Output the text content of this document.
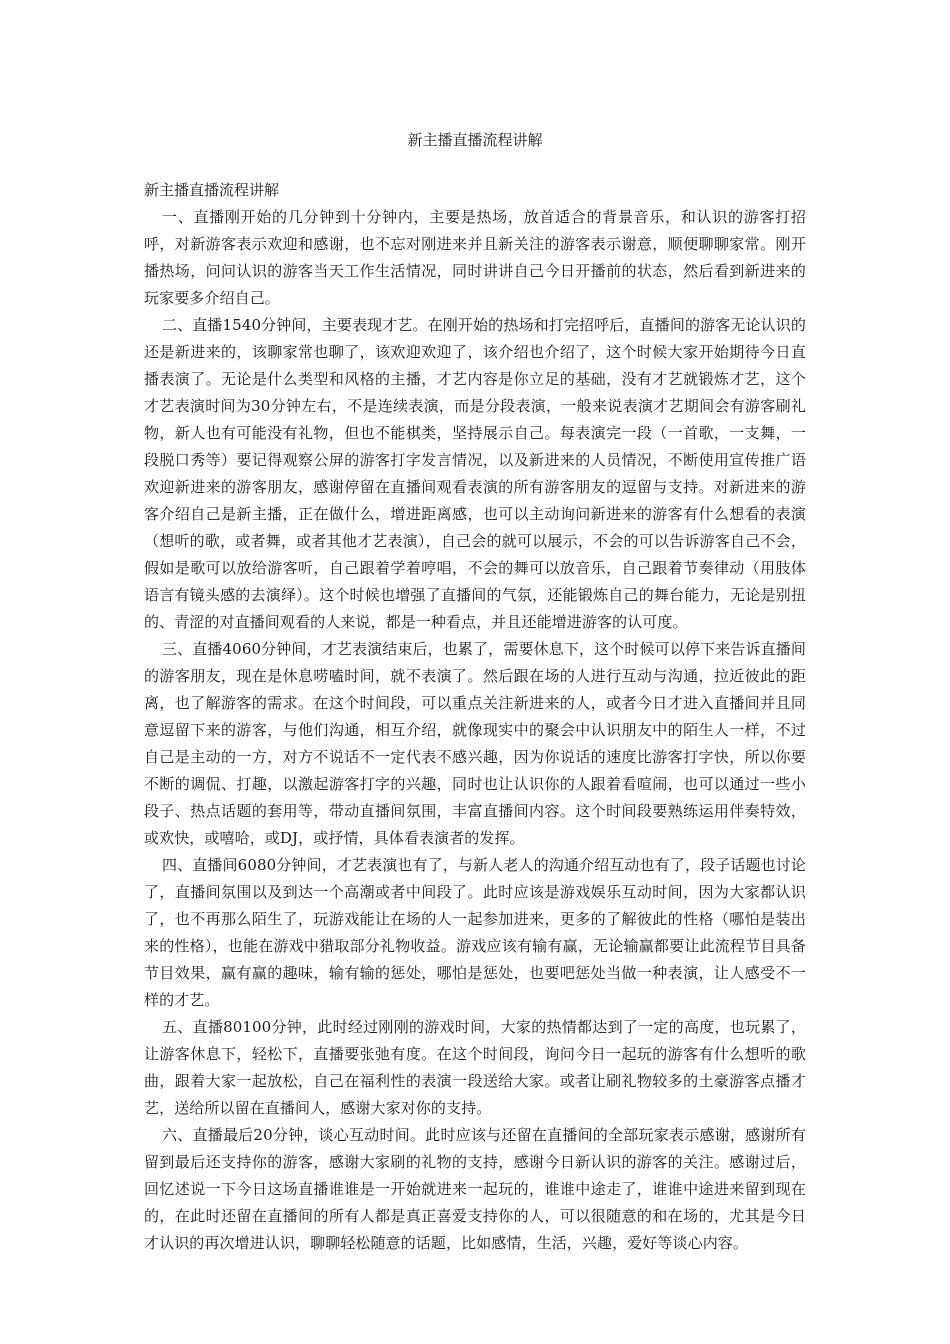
新主播直播流程讲解

新主播直播流程讲解

一、直播刚开始的几分钟到十分钟内，主要是热场，放首适合的背景音乐，和认识的游客打招呼，对新游客表示欢迎和感谢，也不忘对刚进来并且新关注的游客表示谢意，顺便聊聊家常。刚开播热场，问问认识的游客当天工作生活情况，同时讲讲自己今日开播前的状态，然后看到新进来的玩家要多介绍自己。

二、直播1540分钟间，主要表现才艺。在刚开始的热场和打完招呼后，直播间的游客无论认识的还是新进来的，该聊家常也聊了，该欢迎欢迎了，该介绍也介绍了，这个时候大家开始期待今日直播表演了。无论是什么类型和风格的主播，才艺内容是你立足的基础，没有才艺就锻炼才艺，这个才艺表演时间为30分钟左右，不是连续表演，而是分段表演，一般来说表演才艺期间会有游客刷礼物，新人也有可能没有礼物，但也不能棋类，坚持展示自己。每表演完一段（一首歌，一支舞，一段脱口秀等）要记得观察公屏的游客打字发言情况，以及新进来的人员情况，不断使用宣传推广语欢迎新进来的游客朋友，感谢停留在直播间观看表演的所有游客朋友的逗留与支持。对新进来的游客介绍自己是新主播，正在做什么，增进距离感，也可以主动询问新进来的游客有什么想看的表演（想听的歌，或者舞，或者其他才艺表演），自己会的就可以展示，不会的可以告诉游客自己不会，假如是歌可以放给游客听，自己跟着学着哼唱，不会的舞可以放音乐，自己跟着节奏律动（用肢体语言有镜头感的去演绎）。这个时候也增强了直播间的气氛，还能锻炼自己的舞台能力，无论是别扭的、青涩的对直播间观看的人来说，都是一种看点，并且还能增进游客的认可度。

三、直播4060分钟间，才艺表演结束后，也累了，需要休息下，这个时候可以停下来告诉直播间的游客朋友，现在是休息唠嗑时间，就不表演了。然后跟在场的人进行互动与沟通，拉近彼此的距离，也了解游客的需求。在这个时间段，可以重点关注新进来的人，或者今日才进入直播间并且同意逗留下来的游客，与他们沟通，相互介绍，就像现实中的聚会中认识朋友中的陌生人一样，不过自己是主动的一方，对方不说话不一定代表不感兴趣，因为你说话的速度比游客打字快，所以你要不断的调侃、打趣，以激起游客打字的兴趣，同时也让认识你的人跟着看喧闹，也可以通过一些小段子、热点话题的套用等，带动直播间氛围，丰富直播间内容。这个时间段要熟练运用伴奏特效，或欢快，或嘻哈，或DJ，或抒情，具体看表演者的发挥。

四、直播间6080分钟间，才艺表演也有了，与新人老人的沟通介绍互动也有了，段子话题也讨论了，直播间氛围以及到达一个高潮或者中间段了。此时应该是游戏娱乐互动时间，因为大家都认识了，也不再那么陌生了，玩游戏能让在场的人一起参加进来，更多的了解彼此的性格（哪怕是装出来的性格），也能在游戏中猎取部分礼物收益。游戏应该有输有赢，无论输赢都要让此流程节目具备节目效果，赢有赢的趣味，输有输的惩处，哪怕是惩处，也要吧惩处当做一种表演，让人感受不一样的才艺。

五、直播80100分钟，此时经过刚刚的游戏时间，大家的热情都达到了一定的高度，也玩累了，让游客休息下，轻松下，直播要张弛有度。在这个时间段，询问今日一起玩的游客有什么想听的歌曲，跟着大家一起放松，自己在福利性的表演一段送给大家。或者让刷礼物较多的土豪游客点播才艺，送给所以留在直播间人，感谢大家对你的支持。

六、直播最后20分钟，谈心互动时间。此时应该与还留在直播间的全部玩家表示感谢，感谢所有留到最后还支持你的游客，感谢大家刷的礼物的支持，感谢今日新认识的游客的关注。感谢过后，回忆述说一下今日这场直播谁谁是一开始就进来一起玩的，谁谁中途走了，谁谁中途进来留到现在的，在此时还留在直播间的所有人都是真正喜爱支持你的人，可以很随意的和在场的，尤其是今日才认识的再次增进认识，聊聊轻松随意的话题，比如感情，生活，兴趣，爱好等谈心内容。
